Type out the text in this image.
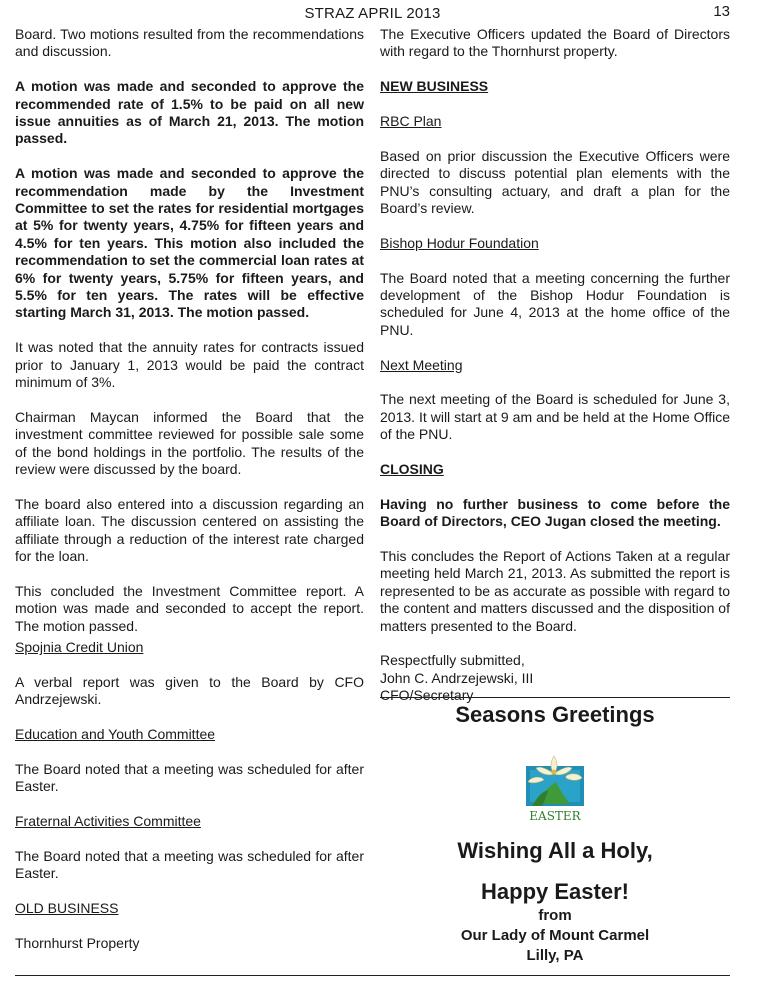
STRAZ APRIL 2013	13

Board. Two motions resulted from the recommendations and discussion.

A motion was made and seconded to approve the recommended rate of 1.5% to be paid on all new issue annuities as of March 21, 2013. The motion passed.

A motion was made and seconded to approve the recommendation made by the Investment Committee to set the rates for residential mortgages at 5% for twenty years, 4.75% for fifteen years and 4.5% for ten years. This motion also included the recommendation to set the commercial loan rates at 6% for twenty years, 5.75% for fifteen years, and 5.5% for ten years. The rates will be effective starting March 31, 2013. The motion passed.

It was noted that the annuity rates for contracts issued prior to January 1, 2013 would be paid the contract minimum of 3%.

Chairman Maycan informed the Board that the investment committee reviewed for possible sale some of the bond holdings in the portfolio. The results of the review were discussed by the board.

The board also entered into a discussion regarding an affiliate loan. The discussion centered on assisting the affiliate through a reduction of the interest rate charged for the loan.

This concluded the Investment Committee report. A motion was made and seconded to accept the report. The motion passed.

Spojnia Credit Union

A verbal report was given to the Board by CFO Andrzejewski.

Education and Youth Committee

The Board noted that a meeting was scheduled for after Easter.

Fraternal Activities Committee

The Board noted that a meeting was scheduled for after Easter.

OLD BUSINESS

Thornhurst Property

The Executive Officers updated the Board of Directors with regard to the Thornhurst property.

NEW BUSINESS
RBC Plan

Based on prior discussion the Executive Officers were directed to discuss potential plan elements with the PNU’s consulting actuary, and draft a plan for the Board’s review.

Bishop Hodur Foundation

The Board noted that a meeting concerning the further development of the Bishop Hodur Foundation is scheduled for June 4, 2013 at the home office of the PNU.

Next Meeting

The next meeting of the Board is scheduled for June 3, 2013. It will start at 9 am and be held at the Home Office of the PNU.

CLOSING

Having no further business to come before the Board of Directors, CEO Jugan closed the meeting.

This concludes the Report of Actions Taken at a regular meeting held March 21, 2013. As submitted the report is represented to be as accurate as possible with regard to the content and matters discussed and the disposition of matters presented to the Board.

Respectfully submitted,
John C. Andrzejewski, III
CFO/Secretary
Seasons Greetings
EASTER
Wishing All a Holy,
Happy Easter!
from
Our Lady of Mount Carmel
Lilly, PA
